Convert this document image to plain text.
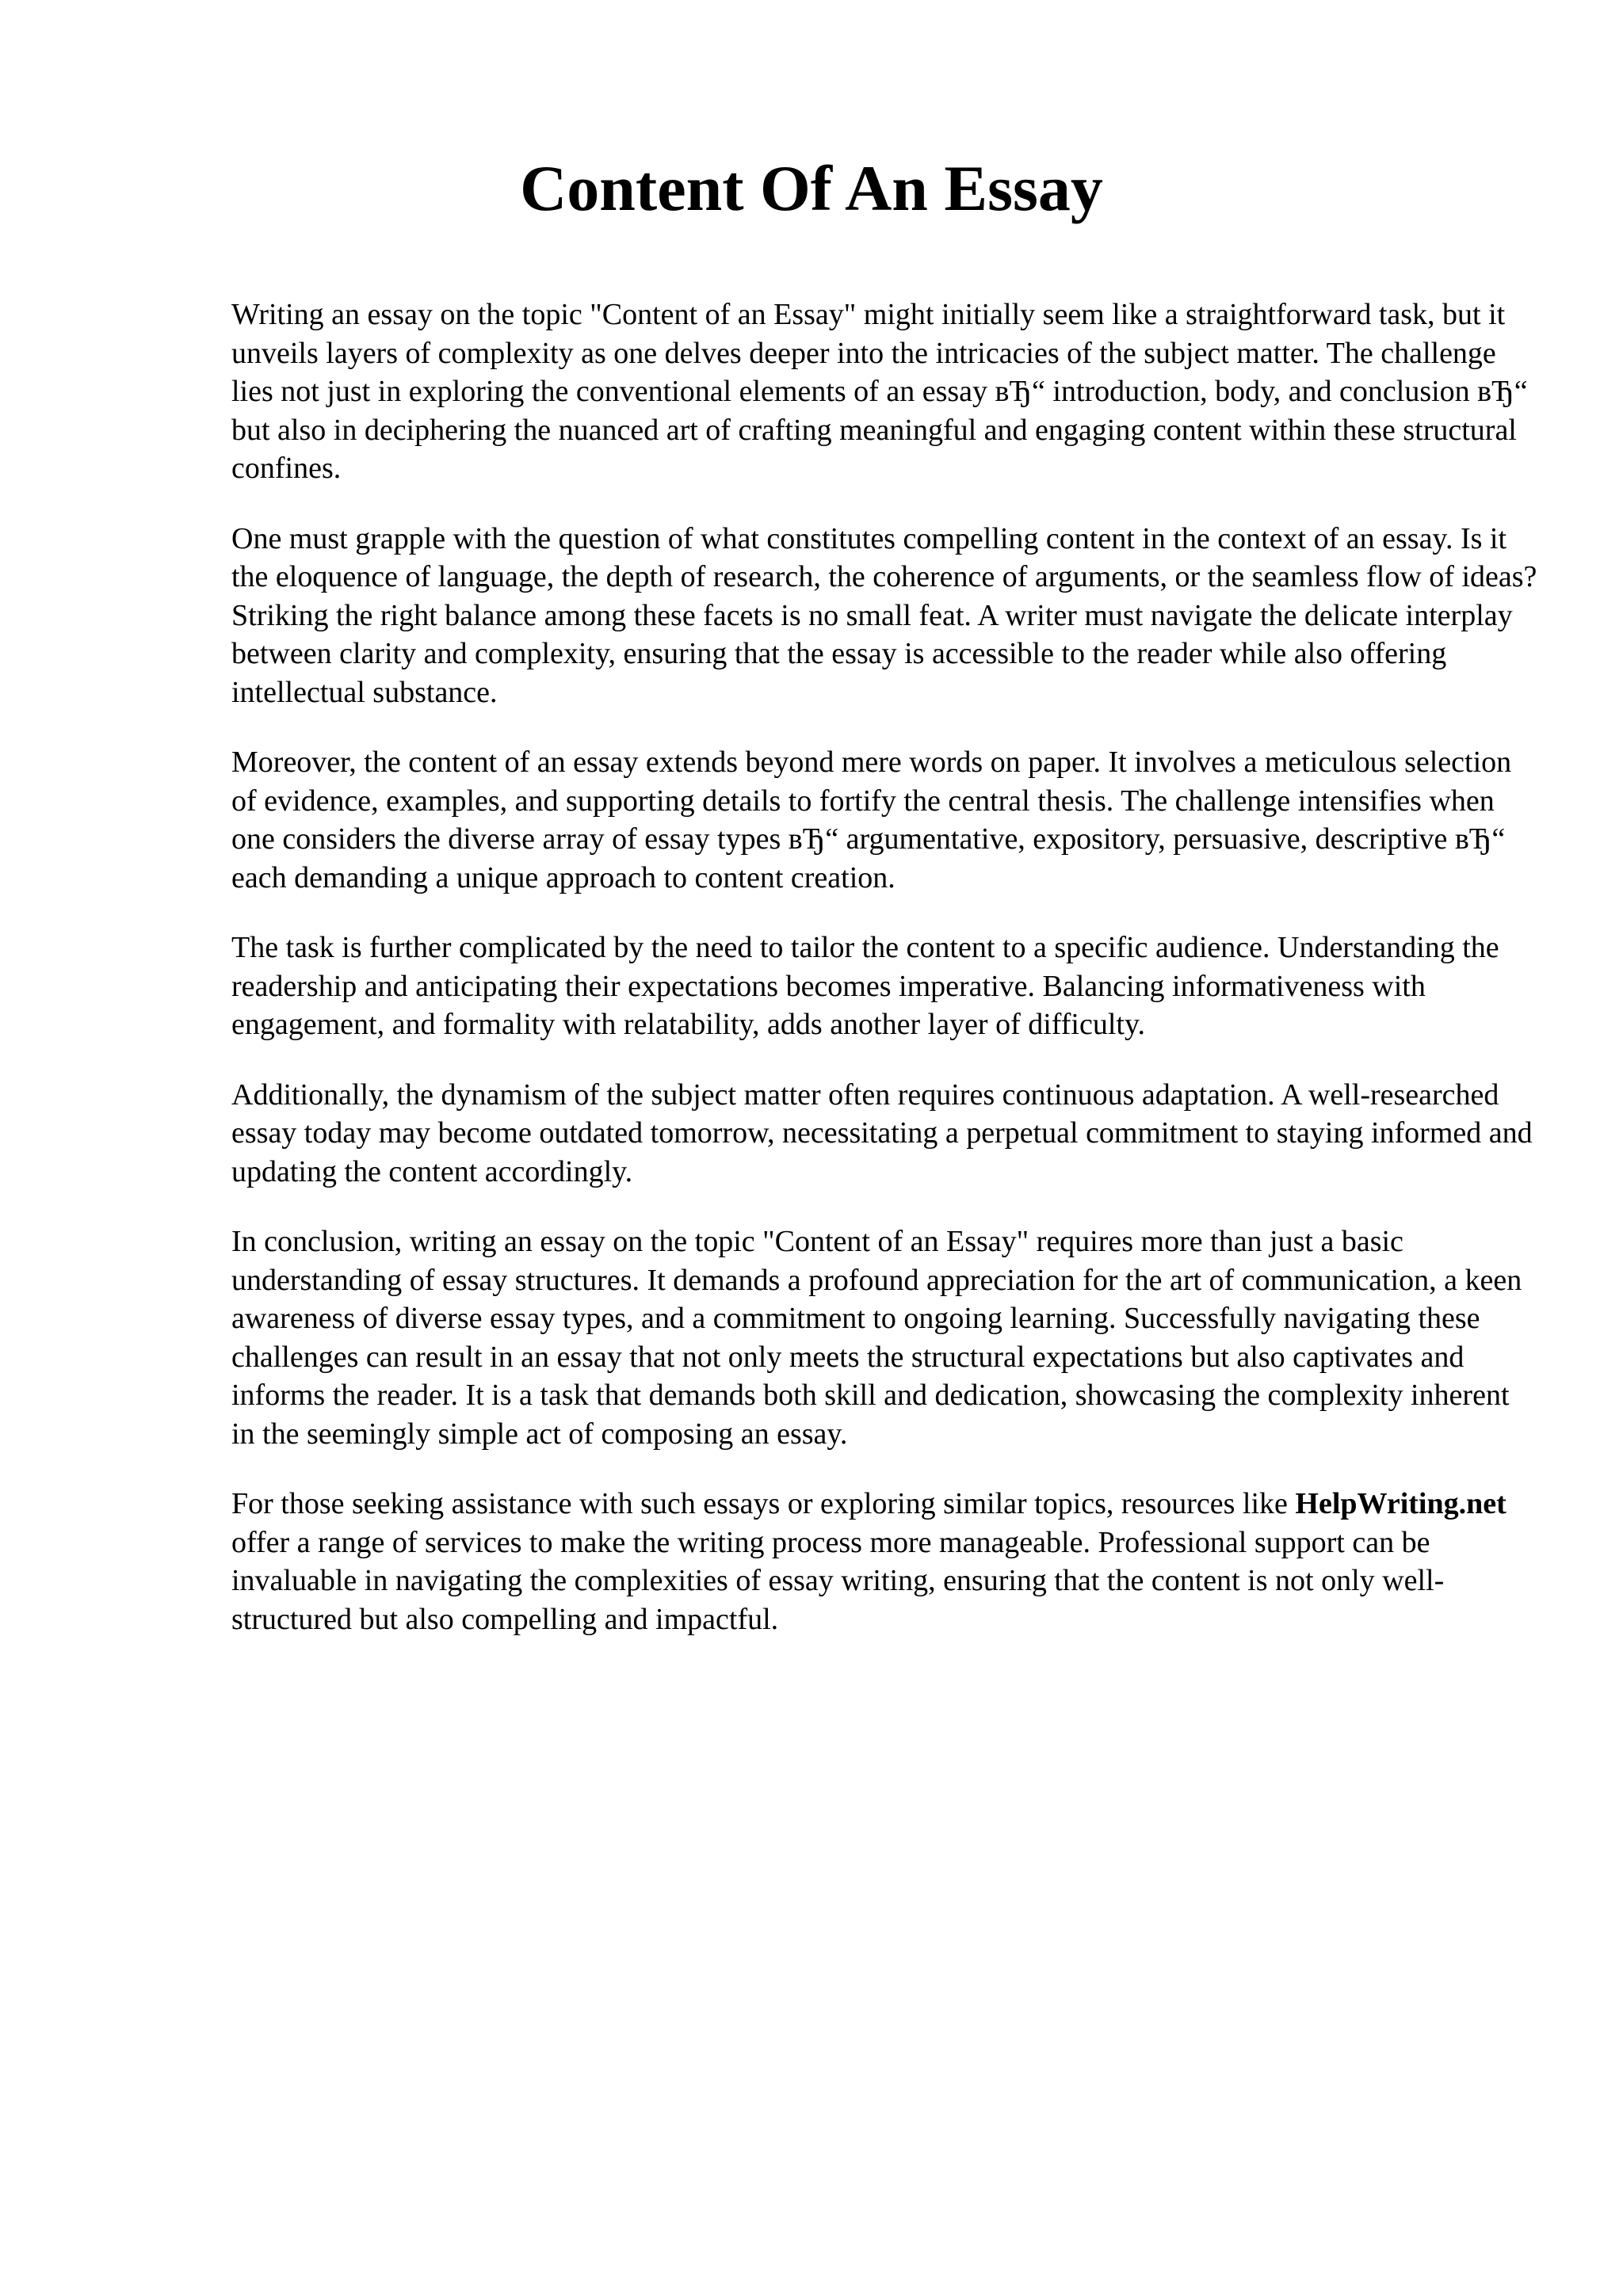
Content Of An Essay

Writing an essay on the topic "Content of an Essay" might initially seem like a straightforward task, but it unveils layers of complexity as one delves deeper into the intricacies of the subject matter. The challenge lies not just in exploring the conventional elements of an essay вЂ“ introduction, body, and conclusion вЂ“ but also in deciphering the nuanced art of crafting meaningful and engaging content within these structural confines.

One must grapple with the question of what constitutes compelling content in the context of an essay. Is it the eloquence of language, the depth of research, the coherence of arguments, or the seamless flow of ideas? Striking the right balance among these facets is no small feat. A writer must navigate the delicate interplay between clarity and complexity, ensuring that the essay is accessible to the reader while also offering intellectual substance.

Moreover, the content of an essay extends beyond mere words on paper. It involves a meticulous selection of evidence, examples, and supporting details to fortify the central thesis. The challenge intensifies when one considers the diverse array of essay types вЂ“ argumentative, expository, persuasive, descriptive вЂ“ each demanding a unique approach to content creation.

The task is further complicated by the need to tailor the content to a specific audience. Understanding the readership and anticipating their expectations becomes imperative. Balancing informativeness with engagement, and formality with relatability, adds another layer of difficulty.

Additionally, the dynamism of the subject matter often requires continuous adaptation. A well-researched essay today may become outdated tomorrow, necessitating a perpetual commitment to staying informed and updating the content accordingly.

In conclusion, writing an essay on the topic "Content of an Essay" requires more than just a basic understanding of essay structures. It demands a profound appreciation for the art of communication, a keen awareness of diverse essay types, and a commitment to ongoing learning. Successfully navigating these challenges can result in an essay that not only meets the structural expectations but also captivates and informs the reader. It is a task that demands both skill and dedication, showcasing the complexity inherent in the seemingly simple act of composing an essay.

For those seeking assistance with such essays or exploring similar topics, resources like HelpWriting.net offer a range of services to make the writing process more manageable. Professional support can be invaluable in navigating the complexities of essay writing, ensuring that the content is not only well-structured but also compelling and impactful.
